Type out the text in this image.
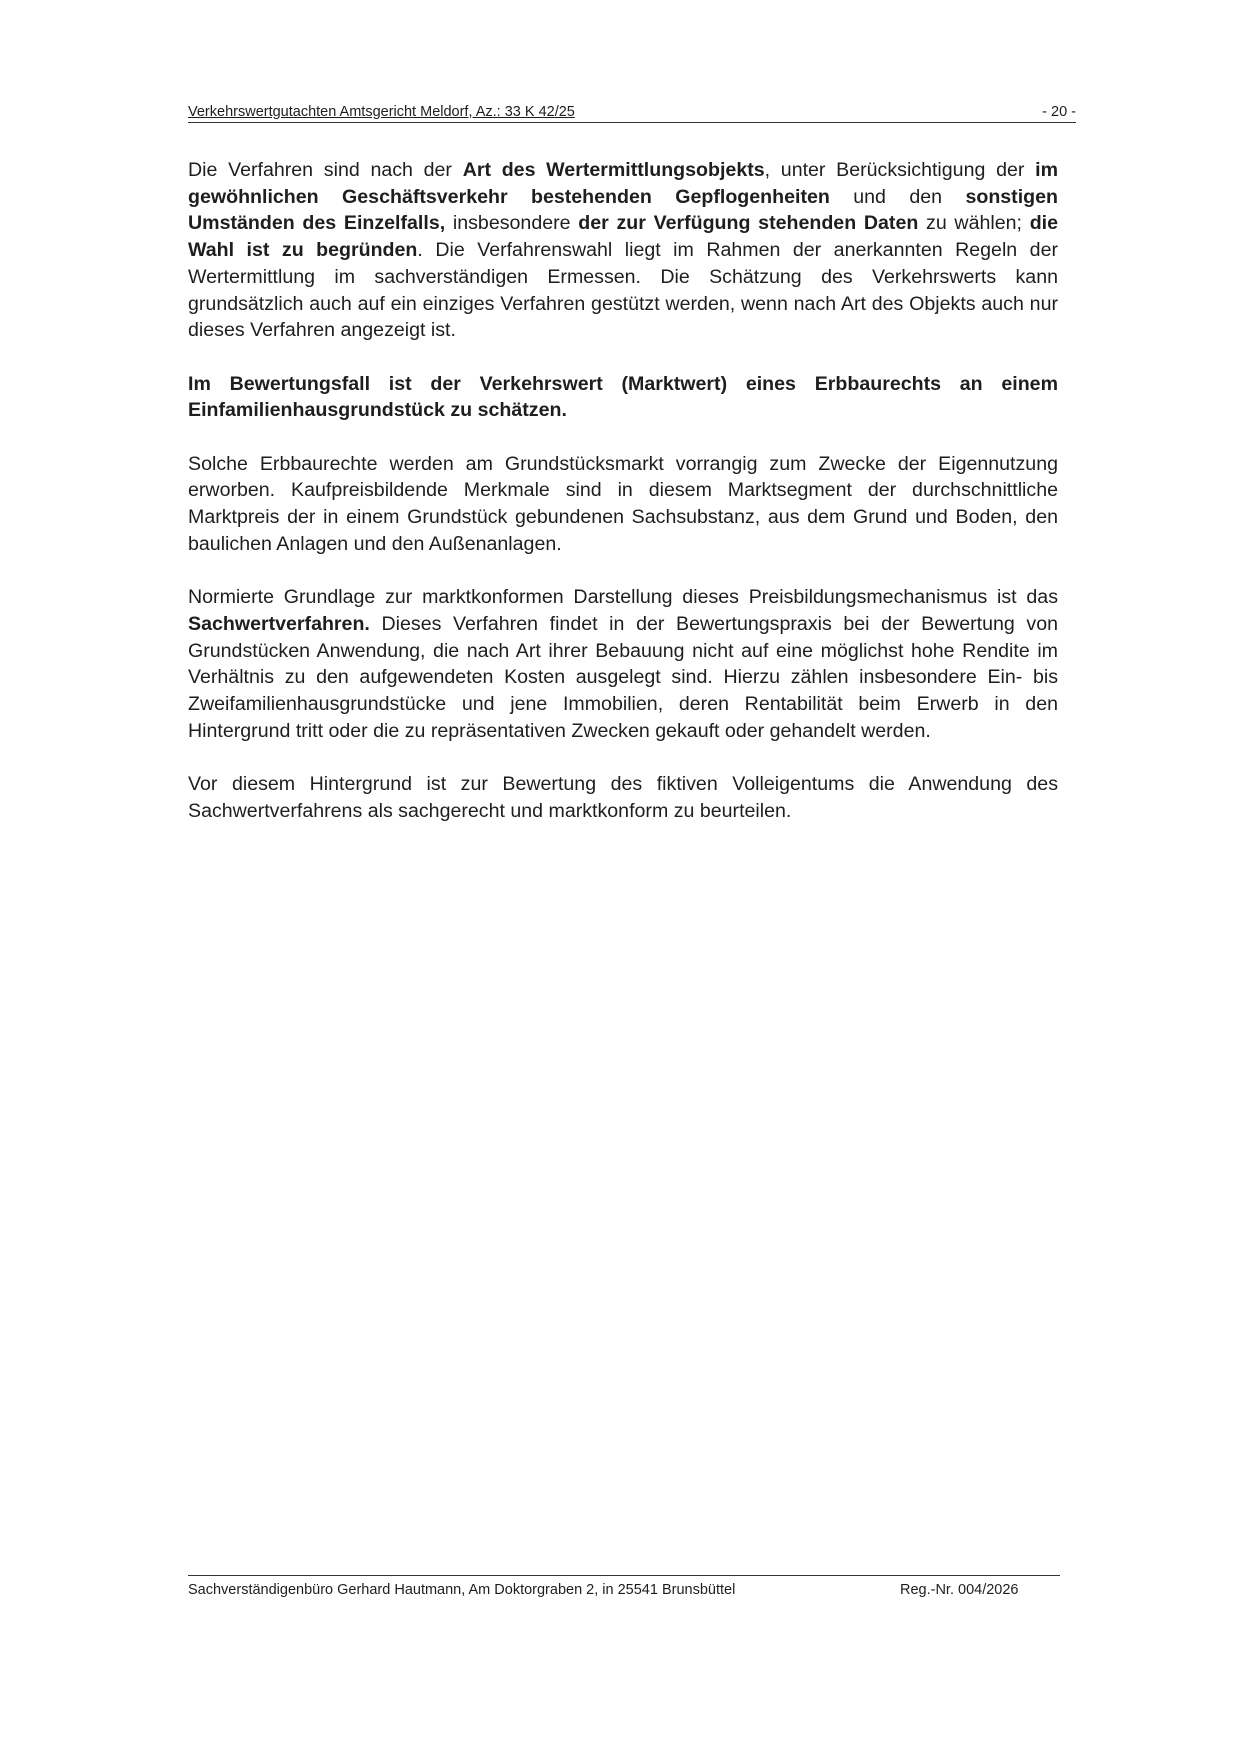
Verkehrswertgutachten Amtsgericht Meldorf, Az.: 33 K 42/25	- 20 -

Die Verfahren sind nach der Art des Wertermittlungsobjekts, unter Berücksichtigung der im gewöhnlichen Geschäftsverkehr bestehenden Gepflogenheiten und den sonstigen Umständen des Einzelfalls, insbesondere der zur Verfügung stehenden Daten zu wählen; die Wahl ist zu begründen. Die Verfahrenswahl liegt im Rahmen der anerkannten Regeln der Wertermittlung im sachverständigen Ermessen. Die Schätzung des Verkehrswerts kann grundsätzlich auch auf ein einziges Verfahren gestützt werden, wenn nach Art des Objekts auch nur dieses Verfahren angezeigt ist.

Im Bewertungsfall ist der Verkehrswert (Marktwert) eines Erbbaurechts an einem Einfamilienhausgrundstück zu schätzen.

Solche Erbbaurechte werden am Grundstücksmarkt vorrangig zum Zwecke der Eigennutzung erworben. Kaufpreisbildende Merkmale sind in diesem Marktsegment der durchschnittliche Marktpreis der in einem Grundstück gebundenen Sachsubstanz, aus dem Grund und Boden, den baulichen Anlagen und den Außenanlagen.

Normierte Grundlage zur marktkonformen Darstellung dieses Preisbildungsmechanismus ist das Sachwertverfahren. Dieses Verfahren findet in der Bewertungspraxis bei der Bewertung von Grundstücken Anwendung, die nach Art ihrer Bebauung nicht auf eine möglichst hohe Rendite im Verhältnis zu den aufgewendeten Kosten ausgelegt sind. Hierzu zählen insbesondere Ein- bis Zweifamilienhausgrundstücke und jene Immobilien, deren Rentabilität beim Erwerb in den Hintergrund tritt oder die zu repräsentativen Zwecken gekauft oder gehandelt werden.

Vor diesem Hintergrund ist zur Bewertung des fiktiven Volleigentums die Anwendung des Sachwertverfahrens als sachgerecht und marktkonform zu beurteilen.

Sachverständigenbüro Gerhard Hautmann, Am Doktorgraben 2, in 25541 Brunsbüttel	Reg.-Nr. 004/2026
